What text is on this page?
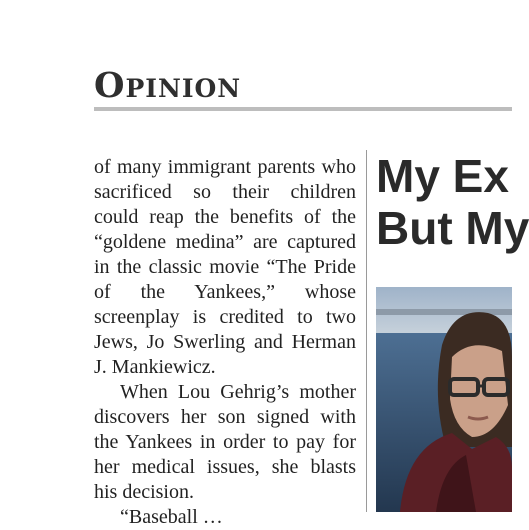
Opinion

of many immigrant parents who sacrificed so their children could reap the benefits of the “goldene medina” are captured in the classic movie “The Pride of the Yankees,” whose screenplay is credited to two Jews, Jo Swerling and Herman J. Mankiewicz.

When Lou Gehrig’s mother discovers her son signed with the Yankees in order to pay for her medical issues, she blasts his decision.

“Baseball …

My Ex
But My
